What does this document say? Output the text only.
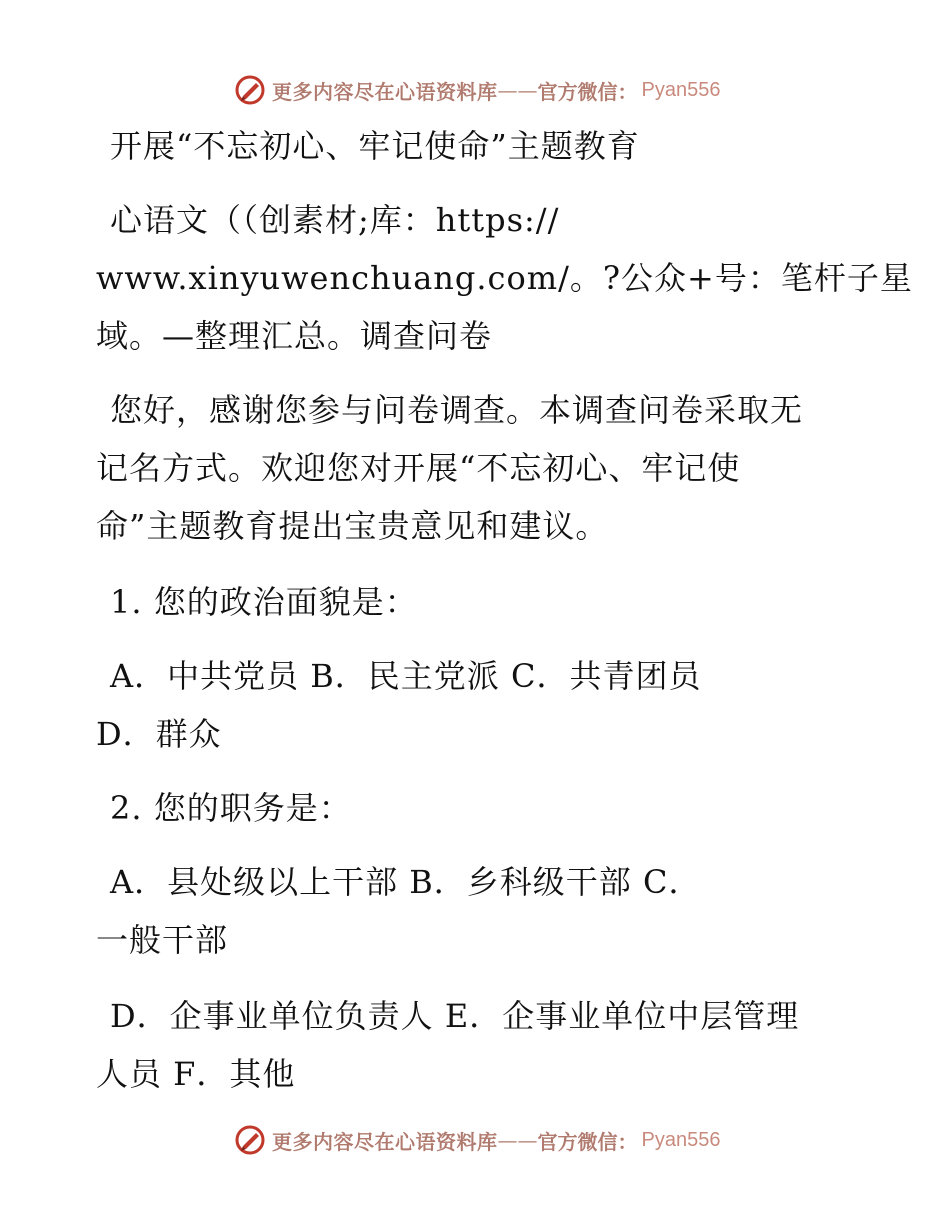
更多内容尽在心语资料库 —— 官方微信： Pyan556
开展“不忘初心、牢记使命”主题教育
心语文（（创素材;库：https://
www.xinyuwenchuang.com/。?公众+号：笔杆子星
域。—整理汇总。调查问卷
您好，感谢您参与问卷调查。本调查问卷采取无
记名方式。欢迎您对开展“不忘初心、牢记使
命”主题教育提出宝贵意见和建议。
1. 您的政治面貌是：
A．中共党员 B．民主党派 C．共青团员
D．群众
2. 您的职务是：
A．县处级以上干部 B．乡科级干部 C．
一般干部
D．企事业单位负责人 E．企事业单位中层管理
人员 F．其他
更多内容尽在心语资料库 —— 官方微信： Pyan556
